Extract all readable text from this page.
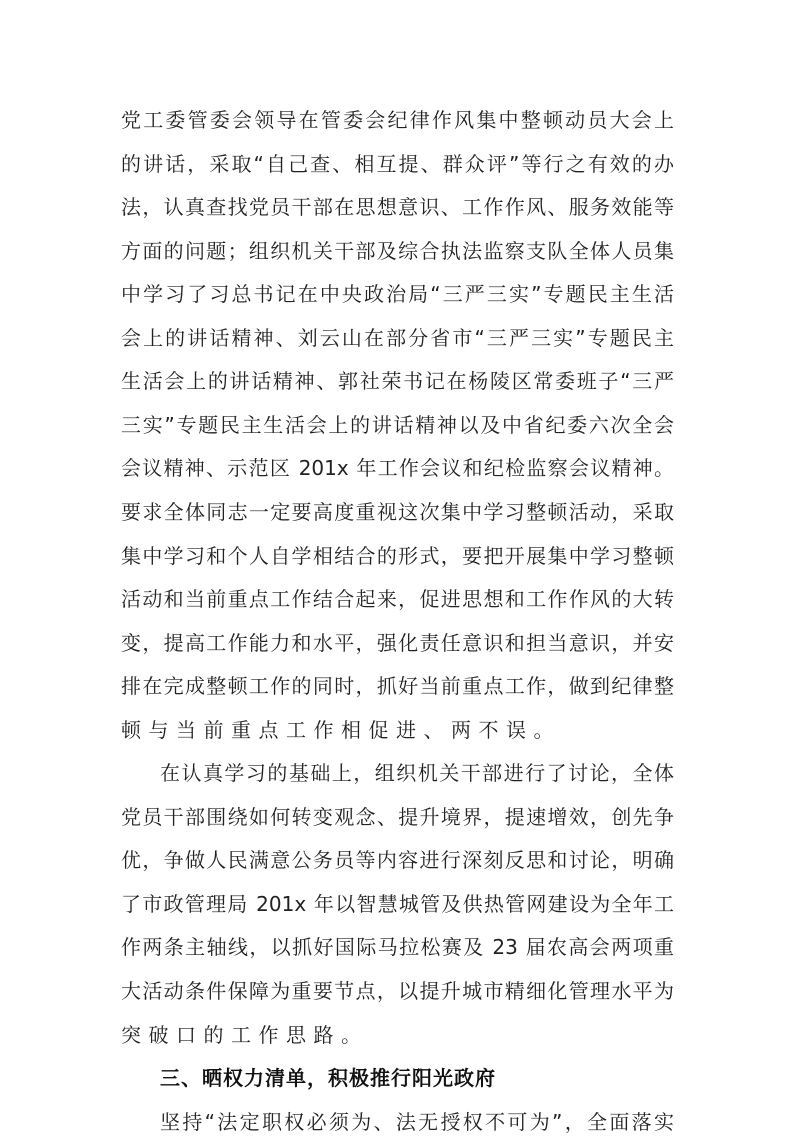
党工委管委会领导在管委会纪律作风集中整顿动员大会上
的讲话，采取“自己查、相互提、群众评”等行之有效的办
法，认真查找党员干部在思想意识、工作作风、服务效能等
方面的问题；组织机关干部及综合执法监察支队全体人员集
中学习了习总书记在中央政治局“三严三实”专题民主生活
会上的讲话精神、刘云山在部分省市“三严三实”专题民主
生活会上的讲话精神、郭社荣书记在杨陵区常委班子“三严
三实”专题民主生活会上的讲话精神以及中省纪委六次全会
会议精神、示范区 201x 年工作会议和纪检监察会议精神。
要求全体同志一定要高度重视这次集中学习整顿活动，采取
集中学习和个人自学相结合的形式，要把开展集中学习整顿
活动和当前重点工作结合起来，促进思想和工作作风的大转
变，提高工作能力和水平，强化责任意识和担当意识，并安
排在完成整顿工作的同时，抓好当前重点工作，做到纪律整
顿与当前重点工作相促进、两不误。
在认真学习的基础上，组织机关干部进行了讨论，全体
党员干部围绕如何转变观念、提升境界，提速增效，创先争
优，争做人民满意公务员等内容进行深刻反思和讨论，明确
了市政管理局 201x 年以智慧城管及供热管网建设为全年工
作两条主轴线，以抓好国际马拉松赛及 23 届农高会两项重
大活动条件保障为重要节点，以提升城市精细化管理水平为
突破口的工作思路。
三、晒权力清单，积极推行阳光政府
坚持“法定职权必须为、法无授权不可为”，全面落实
